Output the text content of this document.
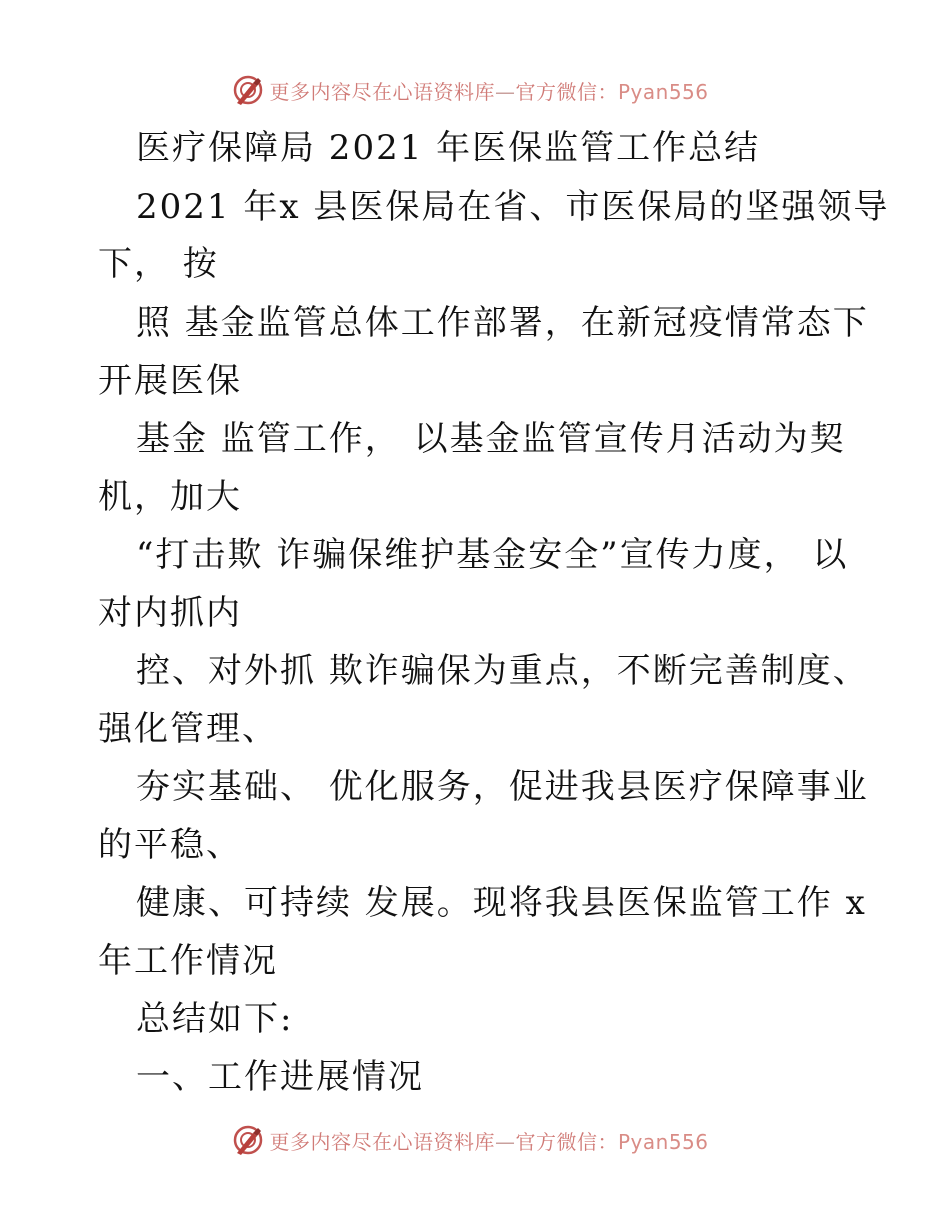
更多内容尽在心语资料库—官方微信：Pyan556
医疗保障局 2021 年医保监管工作总结
2021 年x 县医保局在省、市医保局的坚强领导
下， 按
照 基金监管总体工作部署，在新冠疫情常态下
开展医保
基金 监管工作， 以基金监管宣传月活动为契
机，加大
“打击欺 诈骗保维护基金安全”宣传力度， 以
对内抓内
控、对外抓 欺诈骗保为重点，不断完善制度、
强化管理、
夯实基础、 优化服务，促进我县医疗保障事业
的平稳、
健康、可持续 发展。现将我县医保监管工作 x
年工作情况
总结如下:
一、工作进展情况
更多内容尽在心语资料库—官方微信：Pyan556
